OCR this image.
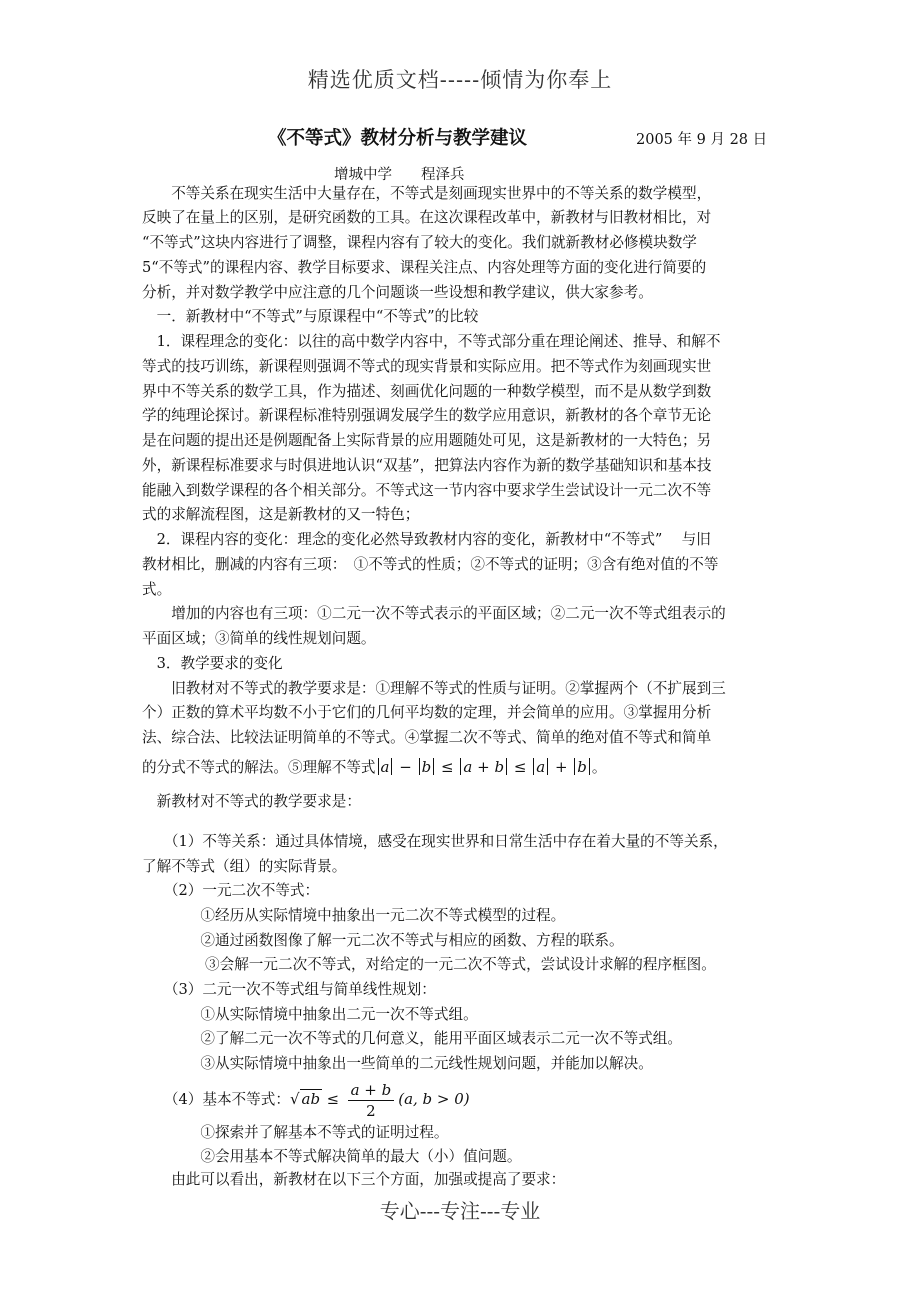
精选优质文档-----倾情为你奉上
《不等式》教材分析与教学建议	2005 年 9 月 28 日
增城中学　　程泽兵
　　不等关系在现实生活中大量存在，不等式是刻画现实世界中的不等关系的数学模型，
反映了在量上的区别，是研究函数的工具。在这次课程改革中，新教材与旧教材相比，对
“不等式”这块内容进行了调整，课程内容有了较大的变化。我们就新教材必修模块数学
5“不等式”的课程内容、教学目标要求、课程关注点、内容处理等方面的变化进行简要的
分析，并对数学教学中应注意的几个问题谈一些设想和教学建议，供大家参考。
　一．新教材中“不等式”与原课程中“不等式”的比较
　1．课程理念的变化：以往的高中数学内容中，不等式部分重在理论阐述、推导、和解不
等式的技巧训练，新课程则强调不等式的现实背景和实际应用。把不等式作为刻画现实世
界中不等关系的数学工具，作为描述、刻画优化问题的一种数学模型，而不是从数学到数
学的纯理论探讨。新课程标准特别强调发展学生的数学应用意识，新教材的各个章节无论
是在问题的提出还是例题配备上实际背景的应用题随处可见，这是新教材的一大特色；另
外，新课程标准要求与时俱进地认识“双基”，把算法内容作为新的数学基础知识和基本技
能融入到数学课程的各个相关部分。不等式这一节内容中要求学生尝试设计一元二次不等
式的求解流程图，这是新教材的又一特色；
　2．课程内容的变化：理念的变化必然导致教材内容的变化，新教材中“不等式”　 与旧
教材相比，删减的内容有三项：　①不等式的性质；②不等式的证明；③含有绝对值的不等
式。
　　增加的内容也有三项：①二元一次不等式表示的平面区域；②二元一次不等式组表示的
平面区域；③简单的线性规划问题。
　3．教学要求的变化
　　旧教材对不等式的教学要求是：①理解不等式的性质与证明。②掌握两个（不扩展到三
个）正数的算术平均数不小于它们的几何平均数的定理，并会简单的应用。③掌握用分析
法、综合法、比较法证明简单的不等式。④掌握二次不等式、简单的绝对值不等式和简单
的分式不等式的解法。⑤理解不等式 a − b ≤ a + b ≤ a + b 。
　新教材对不等式的教学要求是：
　　（1）不等关系：通过具体情境，感受在现实世界和日常生活中存在着大量的不等关系，
了解不等式（组）的实际背景。
　　（2）一元二次不等式：
　　　　①经历从实际情境中抽象出一元二次不等式模型的过程。
　　　　②通过函数图像了解一元二次不等式与相应的函数、方程的联系。
　　　　 ③会解一元二次不等式，对给定的一元二次不等式，尝试设计求解的程序框图。
　　（3）二元一次不等式组与简单线性规划：
　　　　①从实际情境中抽象出二元一次不等式组。
　　　　②了解二元一次不等式的几何意义，能用平面区域表示二元一次不等式组。
　　　　③从实际情境中抽象出一些简单的二元线性规划问题，并能加以解决。
　　（4）基本不等式：√ ab ≤ $\frac{a + b}{2} (a$, b > 0)
　　　　①探索并了解基本不等式的证明过程。
　　　　②会用基本不等式解决简单的最大（小）值问题。
　　由此可以看出，新教材在以下三个方面，加强或提高了要求：
专心---专注---专业
